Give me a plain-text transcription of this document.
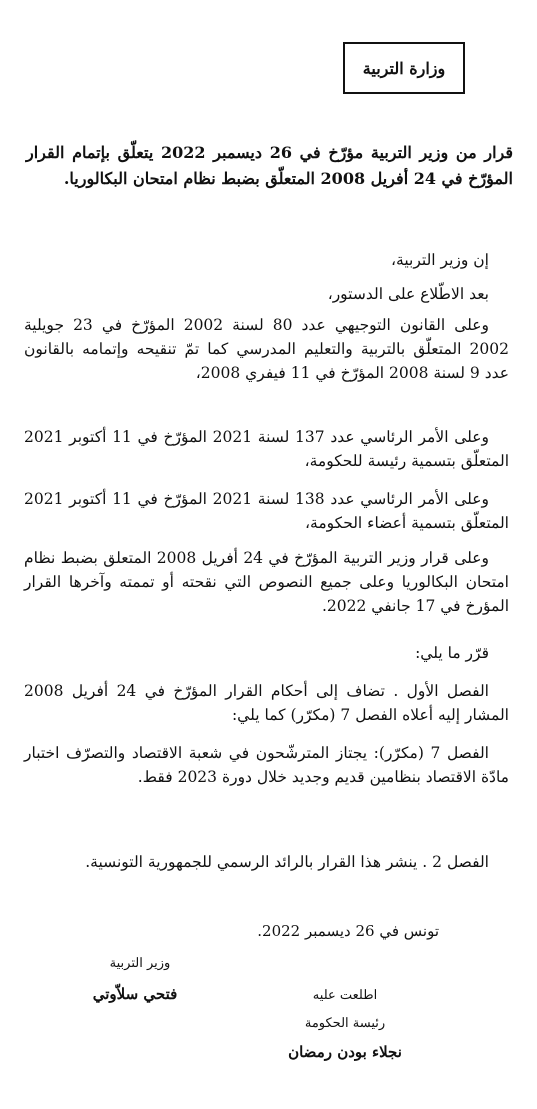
وزارة التربية
قرار من وزير التربية مؤرّخ في 26 ديسمبر 2022 يتعلّق بإتمام القرار المؤرّخ في 24 أفريل 2008 المتعلّق بضبط نظام امتحان البكالوريا.
إن وزير التربية،
بعد الاطّلاع على الدستور،
وعلى القانون التوجيهي عدد 80 لسنة 2002 المؤرّخ في 23 جويلية 2002 المتعلّق بالتربية والتعليم المدرسي كما تمّ تنقيحه وإتمامه بالقانون عدد 9 لسنة 2008 المؤرّخ في 11 فيفري 2008،
وعلى الأمر الرئاسي عدد 137 لسنة 2021 المؤرّخ في 11 أكتوبر 2021 المتعلّق بتسمية رئيسة للحكومة،
وعلى الأمر الرئاسي عدد 138 لسنة 2021 المؤرّخ في 11 أكتوبر 2021 المتعلّق بتسمية أعضاء الحكومة،
وعلى قرار وزير التربية المؤرّخ في 24 أفريل 2008 المتعلق بضبط نظام امتحان البكالوريا وعلى جميع النصوص التي نقحته أو تممته وآخرها القرار المؤرخ في 17 جانفي 2022.
قرّر ما يلي:
الفصل الأول . تضاف إلى أحكام القرار المؤرّخ في 24 أفريل 2008 المشار إليه أعلاه الفصل 7 (مكرّر) كما يلي:
الفصل 7 (مكرّر): يجتاز المترشّحون في شعبة الاقتصاد والتصرّف اختبار مادّة الاقتصاد بنظامين قديم وجديد خلال دورة 2023 فقط.
الفصل 2 . ينشر هذا القرار بالرائد الرسمي للجمهورية التونسية.
تونس في 26 ديسمبر 2022.
وزير التربية
فتحي سلاّوتي	اطلعت عليه
رئيسة الحكومة
نجلاء بودن رمضان
